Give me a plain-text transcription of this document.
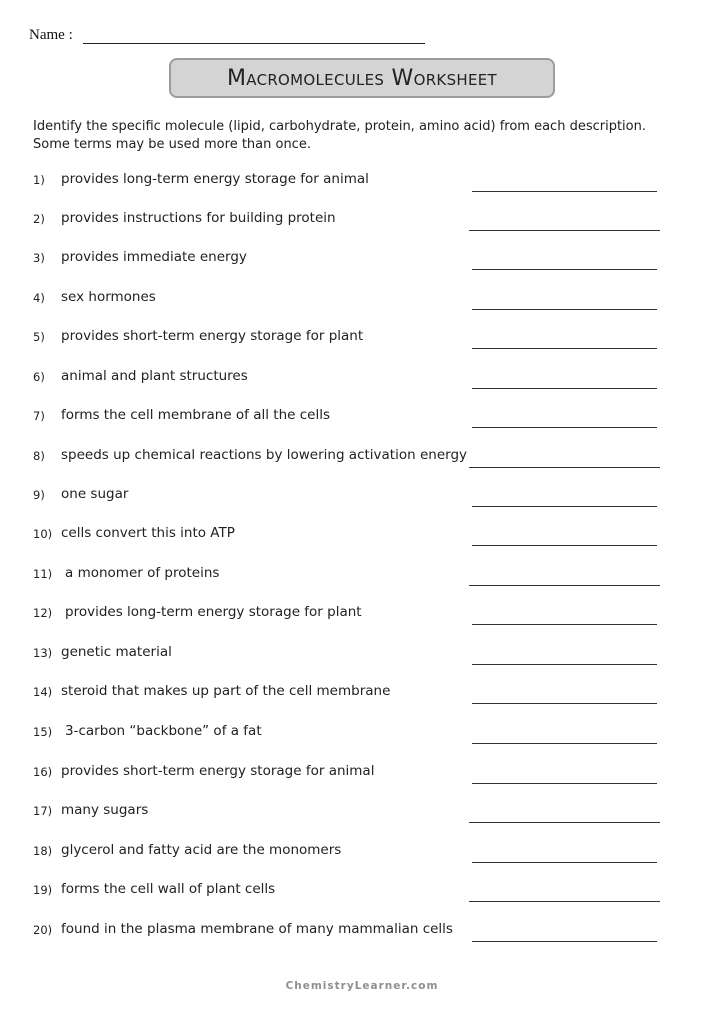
Name :
Macromolecules Worksheet
Identify the specific molecule (lipid, carbohydrate, protein, amino acid) from each description. Some terms may be used more than once.
1) provides long-term energy storage for animal
2) provides instructions for building protein
3) provides immediate energy
4) sex hormones
5) provides short-term energy storage for plant
6) animal and plant structures
7) forms the cell membrane of all the cells
8) speeds up chemical reactions by lowering activation energy
9) one sugar
10) cells convert this into ATP
11) a monomer of proteins
12) provides long-term energy storage for plant
13) genetic material
14) steroid that makes up part of the cell membrane
15) 3-carbon “backbone” of a fat
16) provides short-term energy storage for animal
17) many sugars
18) glycerol and fatty acid are the monomers
19) forms the cell wall of plant cells
20) found in the plasma membrane of many mammalian cells
ChemistryLearner.com
